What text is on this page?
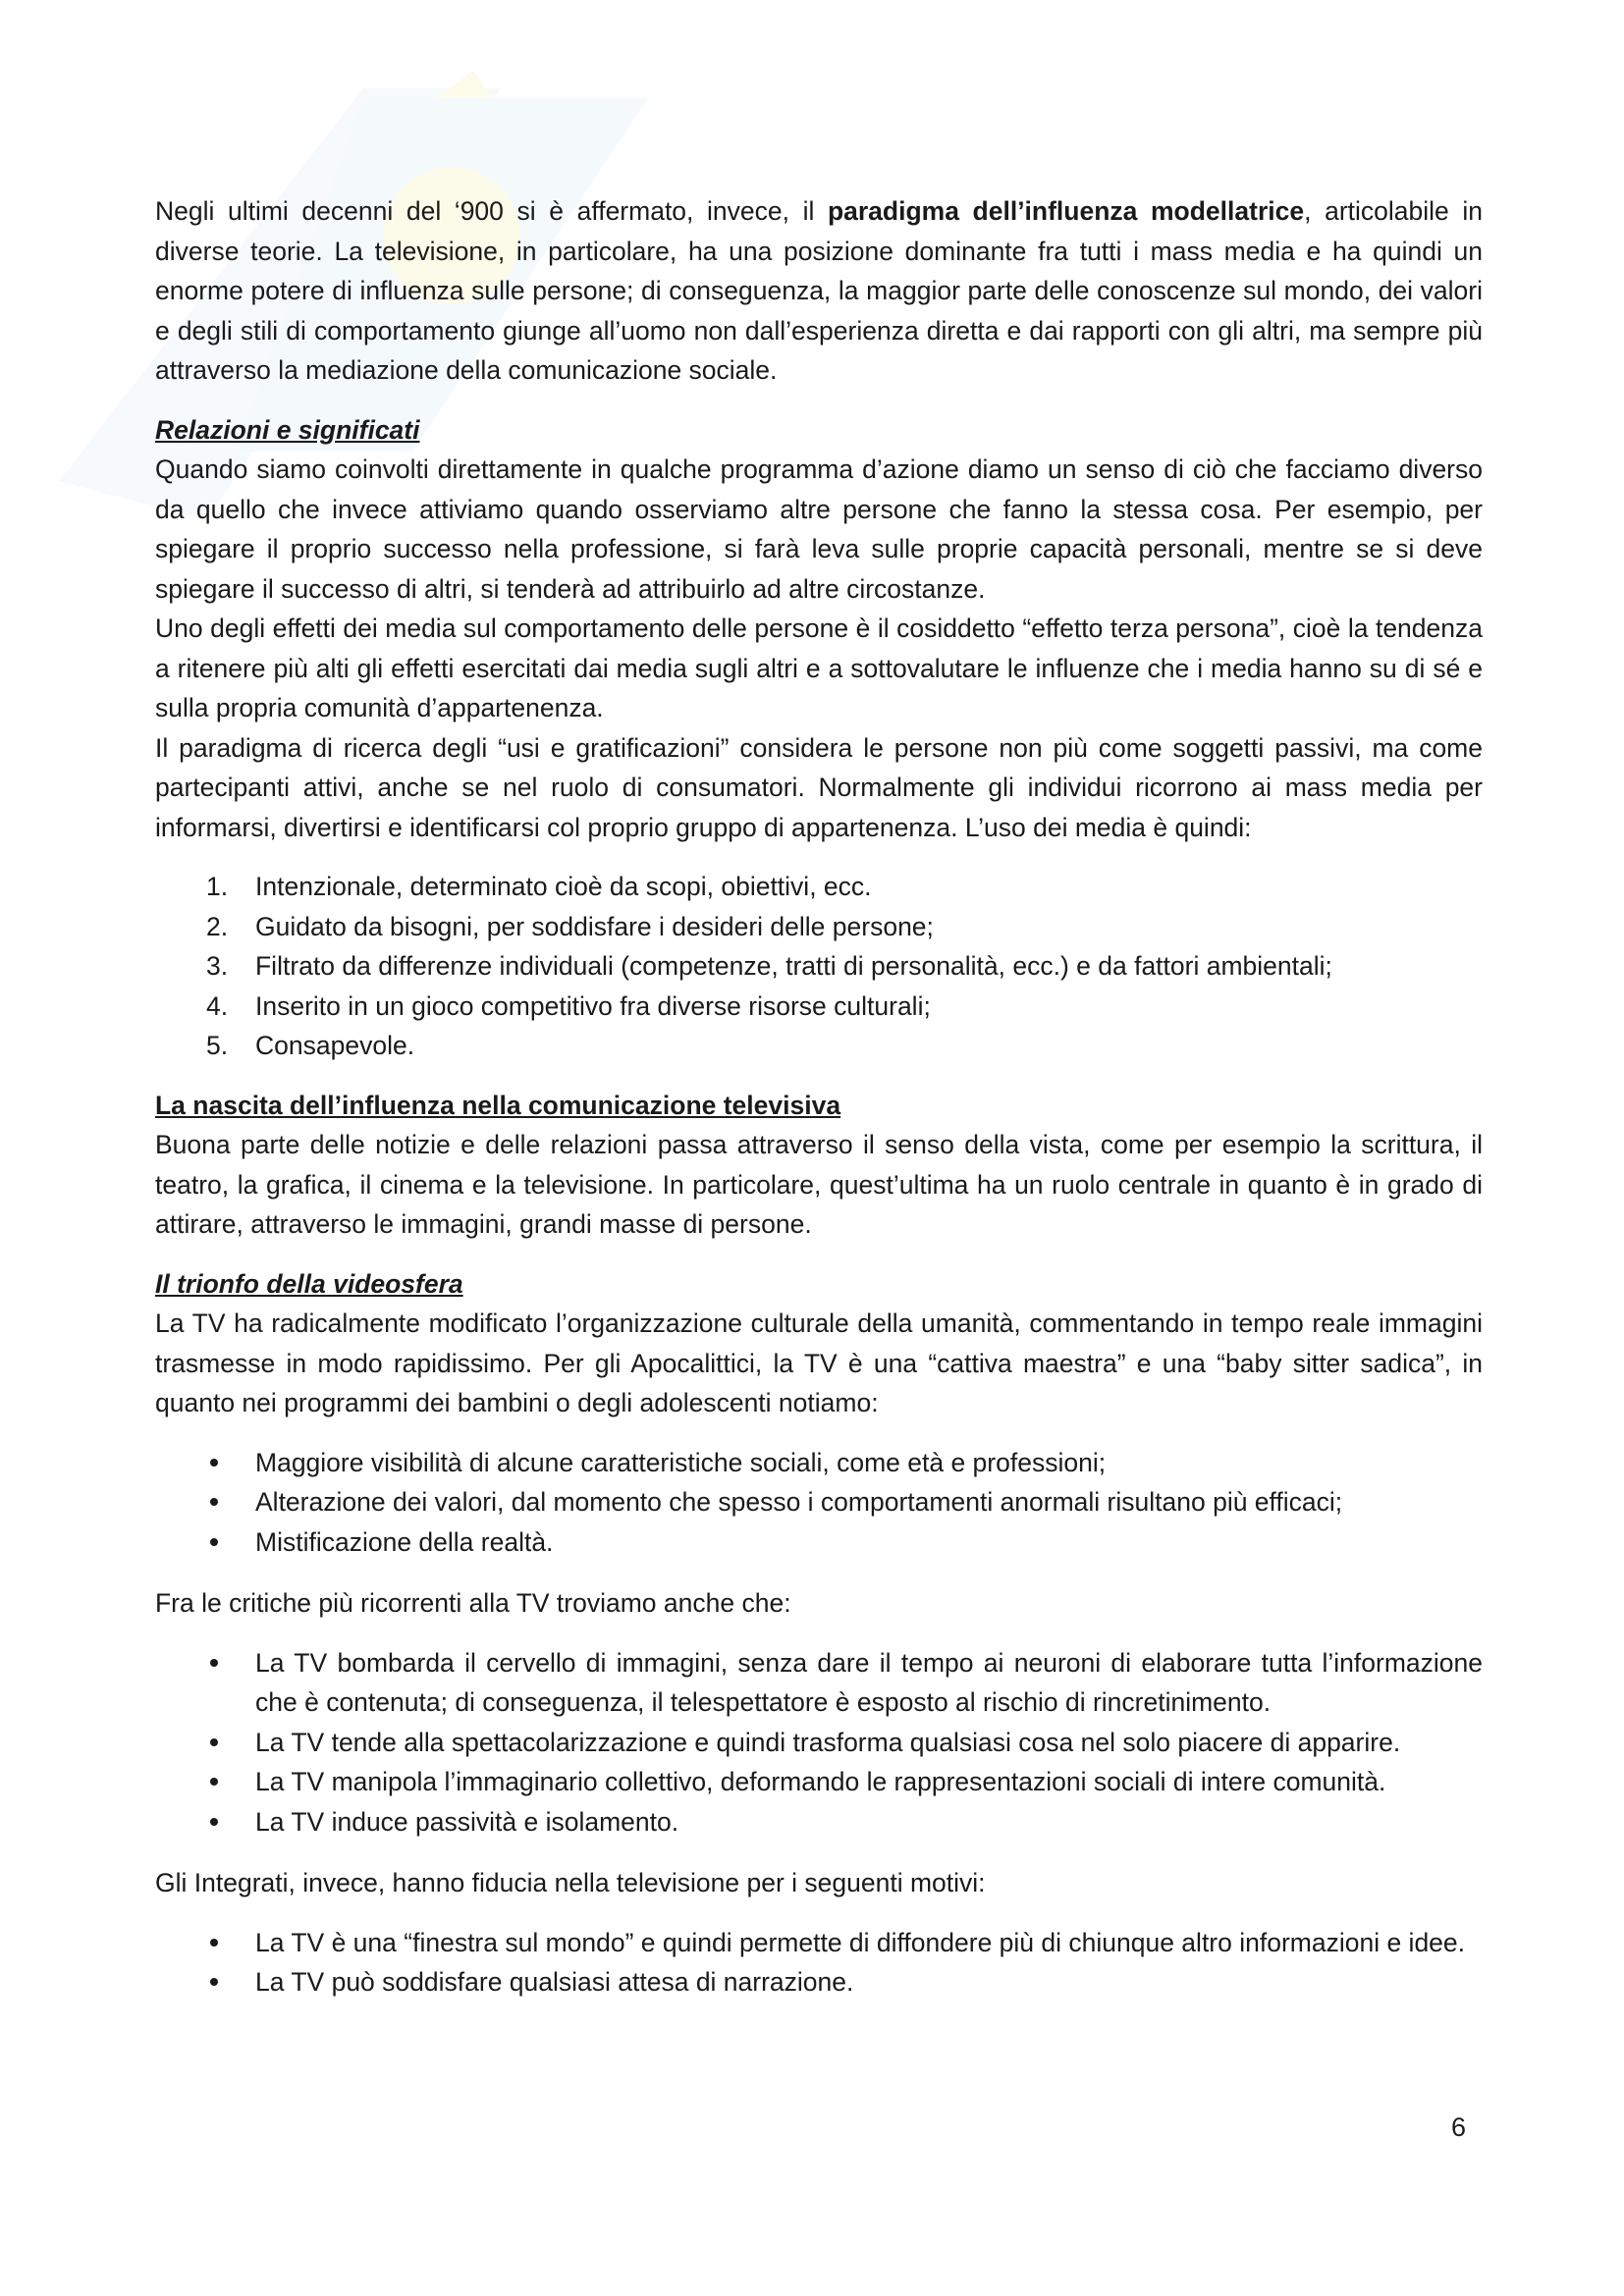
Negli ultimi decenni del ‘900 si è affermato, invece, il paradigma dell’influenza modellatrice, articolabile in diverse teorie. La televisione, in particolare, ha una posizione dominante fra tutti i mass media e ha quindi un enorme potere di influenza sulle persone; di conseguenza, la maggior parte delle conoscenze sul mondo, dei valori e degli stili di comportamento giunge all’uomo non dall’esperienza diretta e dai rapporti con gli altri, ma sempre più attraverso la mediazione della comunicazione sociale.

Relazioni e significati

Quando siamo coinvolti direttamente in qualche programma d’azione diamo un senso di ciò che facciamo diverso da quello che invece attiviamo quando osserviamo altre persone che fanno la stessa cosa. Per esempio, per spiegare il proprio successo nella professione, si farà leva sulle proprie capacità personali, mentre se si deve spiegare il successo di altri, si tenderà ad attribuirlo ad altre circostanze.

Uno degli effetti dei media sul comportamento delle persone è il cosiddetto “effetto terza persona”, cioè la tendenza a ritenere più alti gli effetti esercitati dai media sugli altri e a sottovalutare le influenze che i media hanno su di sé e sulla propria comunità d’appartenenza.

Il paradigma di ricerca degli “usi e gratificazioni” considera le persone non più come soggetti passivi, ma come partecipanti attivi, anche se nel ruolo di consumatori. Normalmente gli individui ricorrono ai mass media per informarsi, divertirsi e identificarsi col proprio gruppo di appartenenza. L’uso dei media è quindi:

1.	Intenzionale, determinato cioè da scopi, obiettivi, ecc.
2.	Guidato da bisogni, per soddisfare i desideri delle persone;
3.	Filtrato da differenze individuali (competenze, tratti di personalità, ecc.) e da fattori ambientali;
4.	Inserito in un gioco competitivo fra diverse risorse culturali;
5.	Consapevole.
La nascita dell’influenza nella comunicazione televisiva

Buona parte delle notizie e delle relazioni passa attraverso il senso della vista, come per esempio la scrittura, il teatro, la grafica, il cinema e la televisione. In particolare, quest’ultima ha un ruolo centrale in quanto è in grado di attirare, attraverso le immagini, grandi masse di persone.

Il trionfo della videosfera

La TV ha radicalmente modificato l’organizzazione culturale della umanità, commentando in tempo reale immagini trasmesse in modo rapidissimo. Per gli Apocalittici, la TV è una “cattiva maestra” e una “baby sitter sadica”, in quanto nei programmi dei bambini o degli adolescenti notiamo:

Maggiore visibilità di alcune caratteristiche sociali, come età e professioni;
Alterazione dei valori, dal momento che spesso i comportamenti anormali risultano più efficaci;
Mistificazione della realtà.

Fra le critiche più ricorrenti alla TV troviamo anche che:

La TV bombarda il cervello di immagini, senza dare il tempo ai neuroni di elaborare tutta l’informazione che è contenuta; di conseguenza, il telespettatore è esposto al rischio di rincretinimento.
La TV tende alla spettacolarizzazione e quindi trasforma qualsiasi cosa nel solo piacere di apparire.
La TV manipola l’immaginario collettivo, deformando le rappresentazioni sociali di intere comunità.
La TV induce passività e isolamento.

Gli Integrati, invece, hanno fiducia nella televisione per i seguenti motivi:

La TV è una “finestra sul mondo” e quindi permette di diffondere più di chiunque altro informazioni e idee.
La TV può soddisfare qualsiasi attesa di narrazione.
6
